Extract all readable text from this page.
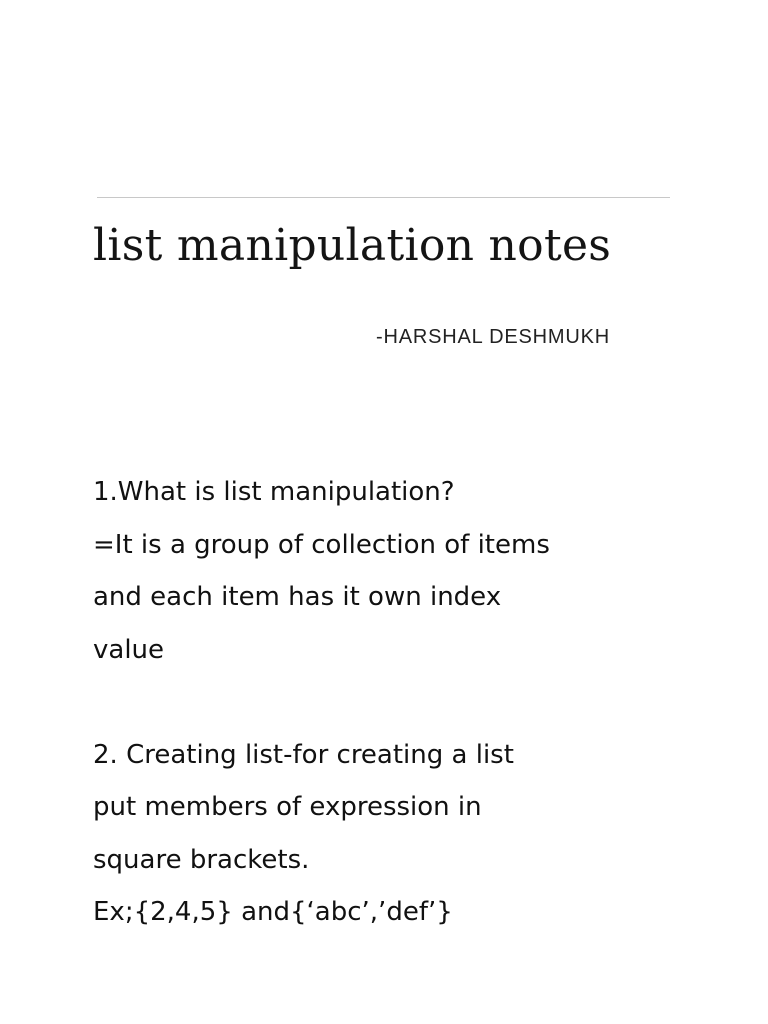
list manipulation notes
-HARSHAL DESHMUKH
1.What is list manipulation?
=It is a group of collection of items
and each item has it own index
value
2. Creating list-for creating a list
put members of expression in
square brackets.
Ex;{2,4,5} and{‘abc’,’def’}
